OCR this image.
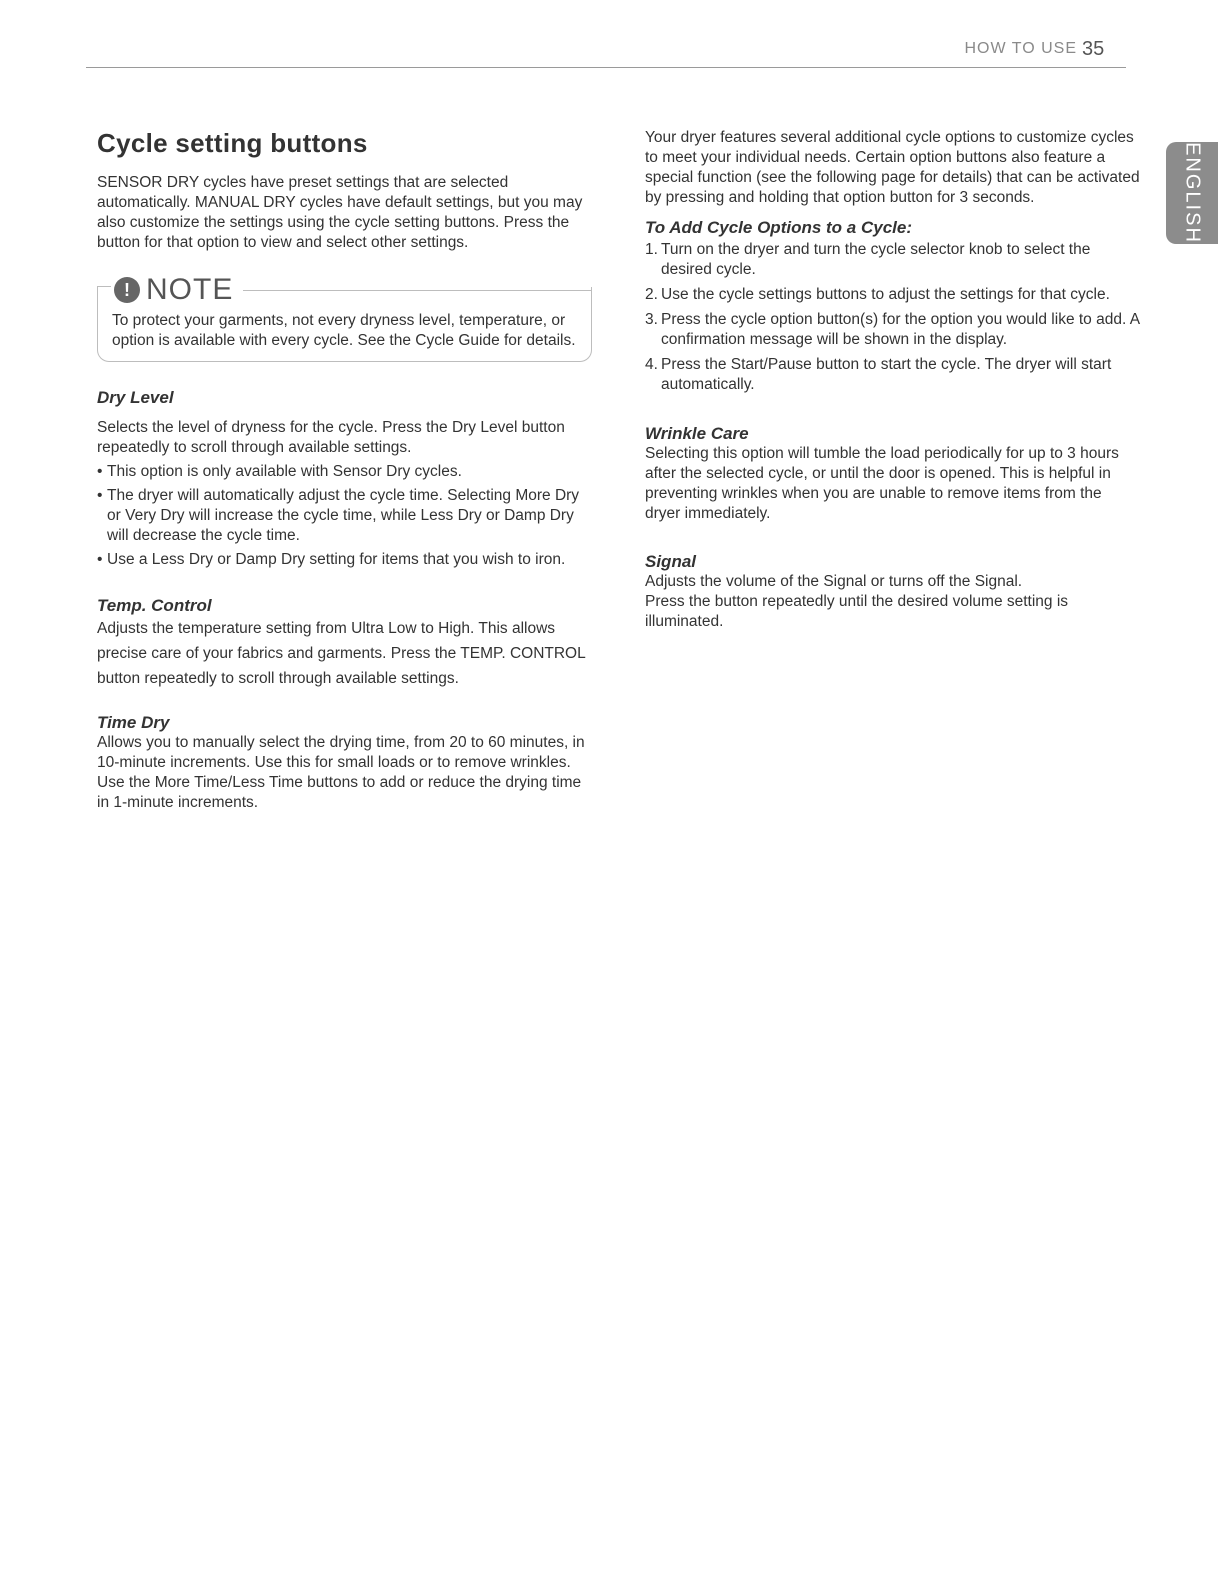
HOW TO USE 35
ENGLISH
Cycle setting buttons

SENSOR DRY cycles have preset settings that are selected automatically. MANUAL DRY cycles have default settings, but you may also customize the settings using the cycle setting buttons. Press the button for that option to view and select other settings.

! NOTE

To protect your garments, not every dryness level, temperature, or option is available with every cycle. See the Cycle Guide for details.

Dry Level

Selects the level of dryness for the cycle. Press the Dry Level button repeatedly to scroll through available settings.

• This option is only available with Sensor Dry cycles.
• The dryer will automatically adjust the cycle time. Selecting More Dry or Very Dry will increase the cycle time, while Less Dry or Damp Dry will decrease the cycle time.
• Use a Less Dry or Damp Dry setting for items that you wish to iron.
Temp. Control

Adjusts the temperature setting from Ultra Low to High. This allows precise care of your fabrics and garments. Press the TEMP. CONTROL button repeatedly to scroll through available settings.

Time Dry

Allows you to manually select the drying time, from 20 to 60 minutes, in 10-minute increments. Use this for small loads or to remove wrinkles. Use the More Time/Less Time buttons to add or reduce the drying time in 1-minute increments.

Your dryer features several additional cycle options to customize cycles to meet your individual needs. Certain option buttons also feature a special function (see the following page for details) that can be activated by pressing and holding that option button for 3 seconds.

To Add Cycle Options to a Cycle:
1. Turn on the dryer and turn the cycle selector knob to select the desired cycle.
2. Use the cycle settings buttons to adjust the settings for that cycle.
3. Press the cycle option button(s) for the option you would like to add. A confirmation message will be shown in the display.
4. Press the Start/Pause button to start the cycle. The dryer will start automatically.
Wrinkle Care

Selecting this option will tumble the load periodically for up to 3 hours after the selected cycle, or until the door is opened. This is helpful in preventing wrinkles when you are unable to remove items from the dryer immediately.

Signal

Adjusts the volume of the Signal or turns off the Signal.

Press the button repeatedly until the desired volume setting is illuminated.
